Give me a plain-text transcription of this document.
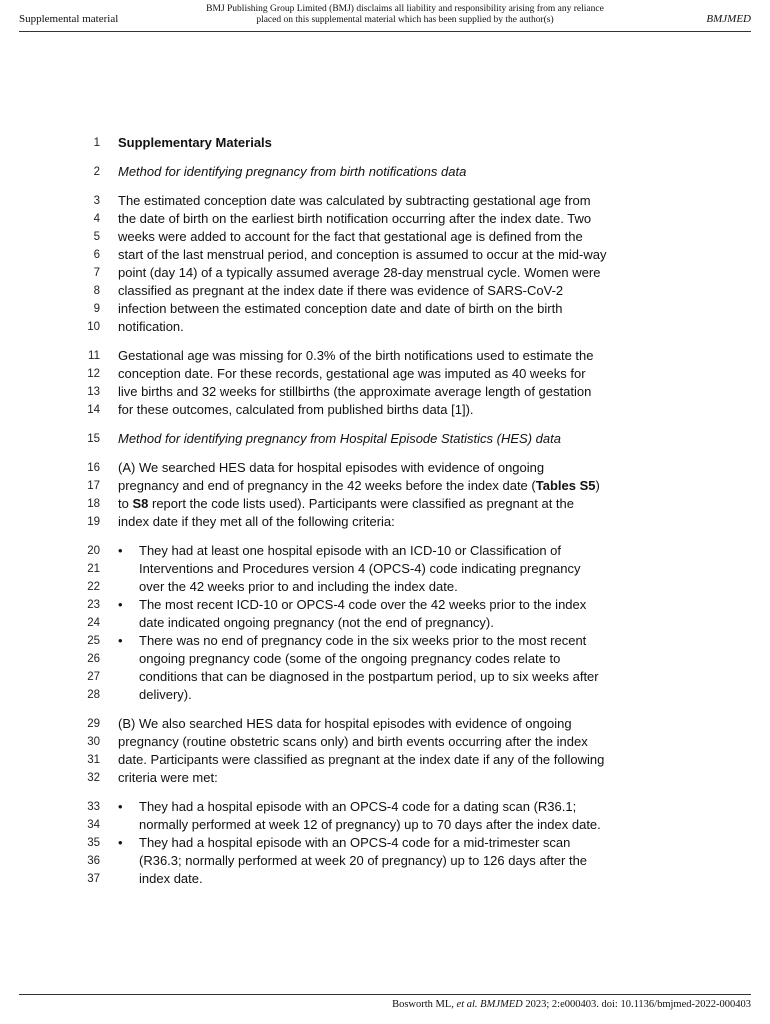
Supplemental material
BMJ Publishing Group Limited (BMJ) disclaims all liability and responsibility arising from any reliance
placed on this supplemental material which has been supplied by the author(s)	BMJMED
1 Supplementary Materials
2 Method for identifying pregnancy from birth notifications data
3
4
5
6
7
8
9
10
The estimated conception date was calculated by subtracting gestational age from
the date of birth on the earliest birth notification occurring after the index date. Two
weeks were added to account for the fact that gestational age is defined from the
start of the last menstrual period, and conception is assumed to occur at the mid-way
point (day 14) of a typically assumed average 28-day menstrual cycle. Women were
classified as pregnant at the index date if there was evidence of SARS-CoV-2
infection between the estimated conception date and date of birth on the birth
notification.
11
12
13
14
Gestational age was missing for 0.3% of the birth notifications used to estimate the
conception date. For these records, gestational age was imputed as 40 weeks for
live births and 32 weeks for stillbirths (the approximate average length of gestation
for these outcomes, calculated from published births data [1]).
15 Method for identifying pregnancy from Hospital Episode Statistics (HES) data
16
17
18
19
(A) We searched HES data for hospital episodes with evidence of ongoing
pregnancy and end of pregnancy in the 42 weeks before the index date (Tables S5)
to S8 report the code lists used). Participants were classified as pregnant at the
index date if they met all of the following criteria:
20
21
22
23
24
25
26
27
28
•	They had at least one hospital episode with an ICD-10 or Classification of
Interventions and Procedures version 4 (OPCS-4) code indicating pregnancy
over the 42 weeks prior to and including the index date.
•	The most recent ICD-10 or OPCS-4 code over the 42 weeks prior to the index
date indicated ongoing pregnancy (not the end of pregnancy).
•	There was no end of pregnancy code in the six weeks prior to the most recent
ongoing pregnancy code (some of the ongoing pregnancy codes relate to
conditions that can be diagnosed in the postpartum period, up to six weeks after
delivery).
29
30
31
32
(B) We also searched HES data for hospital episodes with evidence of ongoing
pregnancy (routine obstetric scans only) and birth events occurring after the index
date. Participants were classified as pregnant at the index date if any of the following
criteria were met:
33
34
35
36
37
•	They had a hospital episode with an OPCS-4 code for a dating scan (R36.1;
normally performed at week 12 of pregnancy) up to 70 days after the index date.
•	They had a hospital episode with an OPCS-4 code for a mid-trimester scan
(R36.3; normally performed at week 20 of pregnancy) up to 126 days after the
index date.
Bosworth ML, et al. BMJMED 2023; 2:e000403. doi: 10.1136/bmjmed-2022-000403
